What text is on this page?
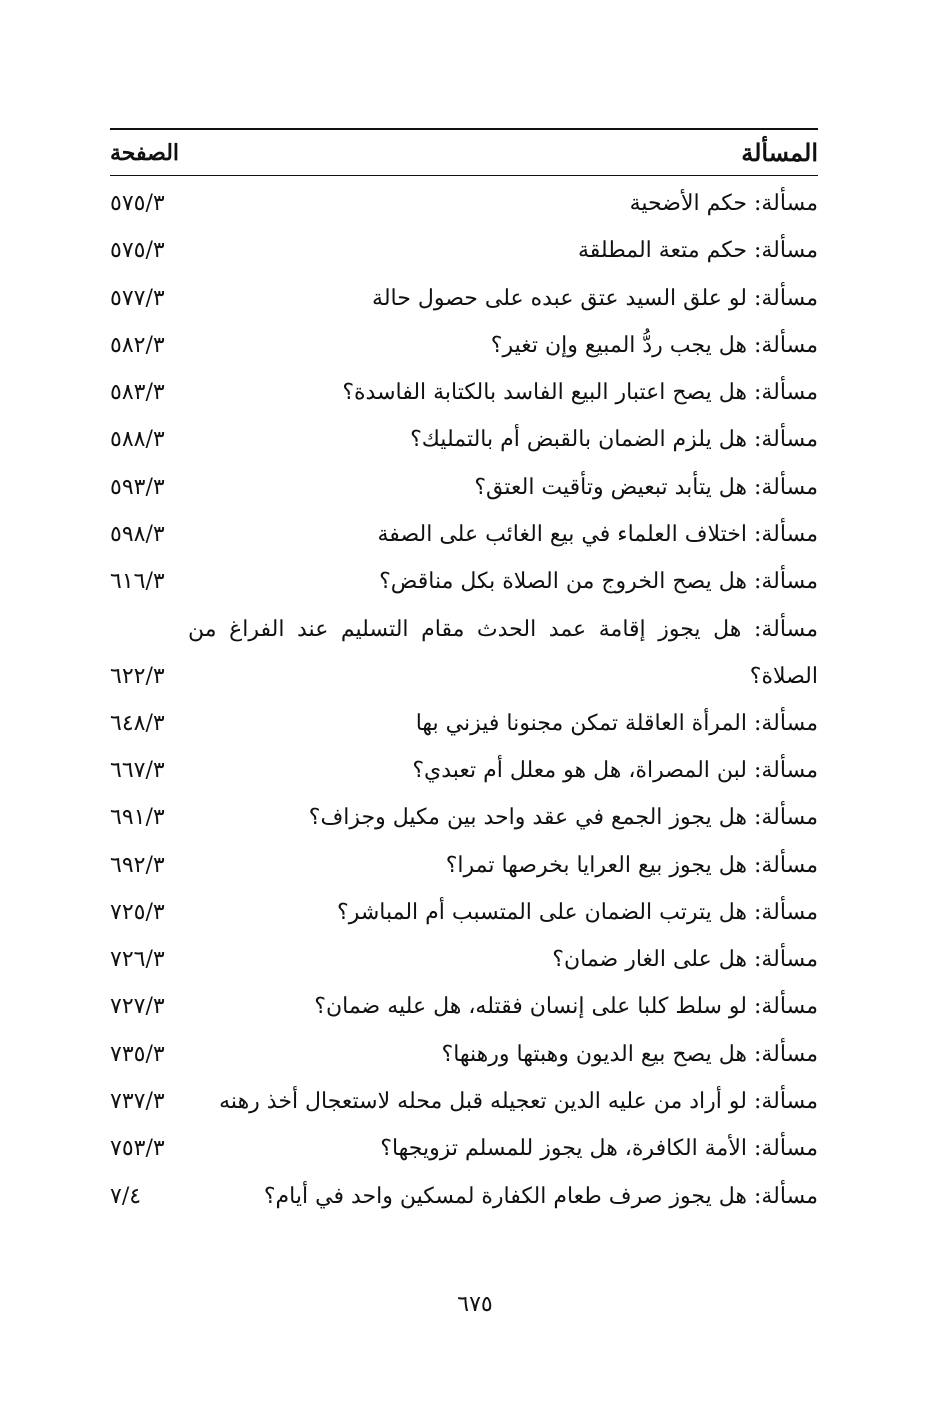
المسألة
الصفحة
مسألة: حكم الأضحية
٥٧٥/٣
مسألة: حكم متعة المطلقة
٥٧٥/٣
مسألة: لو علق السيد عتق عبده على حصول حالة
٥٧٧/٣
مسألة: هل يجب ردُّ المبيع وإن تغير؟
٥٨٢/٣
مسألة: هل يصح اعتبار البيع الفاسد بالكتابة الفاسدة؟
٥٨٣/٣
مسألة: هل يلزم الضمان بالقبض أم بالتمليك؟
٥٨٨/٣
مسألة: هل يتأبد تبعيض وتأقيت العتق؟
٥٩٣/٣
مسألة: اختلاف العلماء في بيع الغائب على الصفة
٥٩٨/٣
مسألة: هل يصح الخروج من الصلاة بكل مناقض؟
٦١٦/٣
مسألة: هل يجوز إقامة عمد الحدث مقام التسليم عند الفراغ من الصلاة؟
٦٢٢/٣
مسألة: المرأة العاقلة تمكن مجنونا فيزني بها
٦٤٨/٣
مسألة: لبن المصراة، هل هو معلل أم تعبدي؟
٦٦٧/٣
مسألة: هل يجوز الجمع في عقد واحد بين مكيل وجزاف؟
٦٩١/٣
مسألة: هل يجوز بيع العرايا بخرصها تمرا؟
٦٩٢/٣
مسألة: هل يترتب الضمان على المتسبب أم المباشر؟
٧٢٥/٣
مسألة: هل على الغار ضمان؟
٧٢٦/٣
مسألة: لو سلط كلبا على إنسان فقتله، هل عليه ضمان؟
٧٢٧/٣
مسألة: هل يصح بيع الديون وهبتها ورهنها؟
٧٣٥/٣
مسألة: لو أراد من عليه الدين تعجيله قبل محله لاستعجال أخذ رهنه
٧٣٧/٣
مسألة: الأمة الكافرة، هل يجوز للمسلم تزويجها؟
٧٥٣/٣
مسألة: هل يجوز صرف طعام الكفارة لمسكين واحد في أيام؟
٧/٤
٦٧٥
